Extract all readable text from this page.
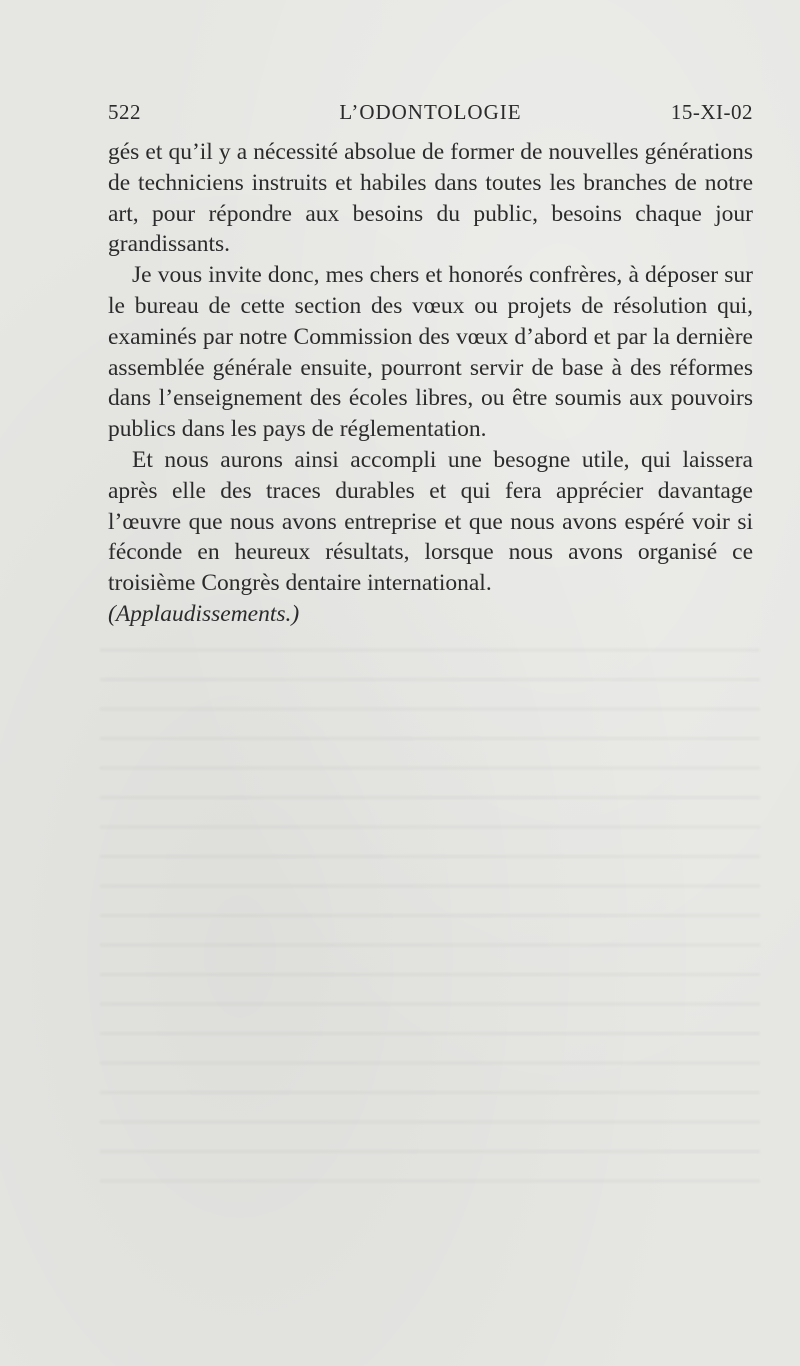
522	L’ODONTOLOGIE	15-XI-02

gés et qu’il y a nécessité absolue de former de nouvelles générations de techniciens instruits et habiles dans toutes les branches de notre art, pour répondre aux besoins du public, besoins chaque jour grandissants.

Je vous invite donc, mes chers et honorés confrères, à déposer sur le bureau de cette section des vœux ou projets de résolution qui, examinés par notre Commission des vœux d’abord et par la dernière assemblée générale ensuite, pourront servir de base à des réformes dans l’enseignement des écoles libres, ou être soumis aux pouvoirs publics dans les pays de réglementation.

Et nous aurons ainsi accompli une besogne utile, qui laissera après elle des traces durables et qui fera apprécier davantage l’œuvre que nous avons entreprise et que nous avons espéré voir si féconde en heureux résultats, lorsque nous avons organisé ce troisième Congrès dentaire international.

(Applaudissements.)
